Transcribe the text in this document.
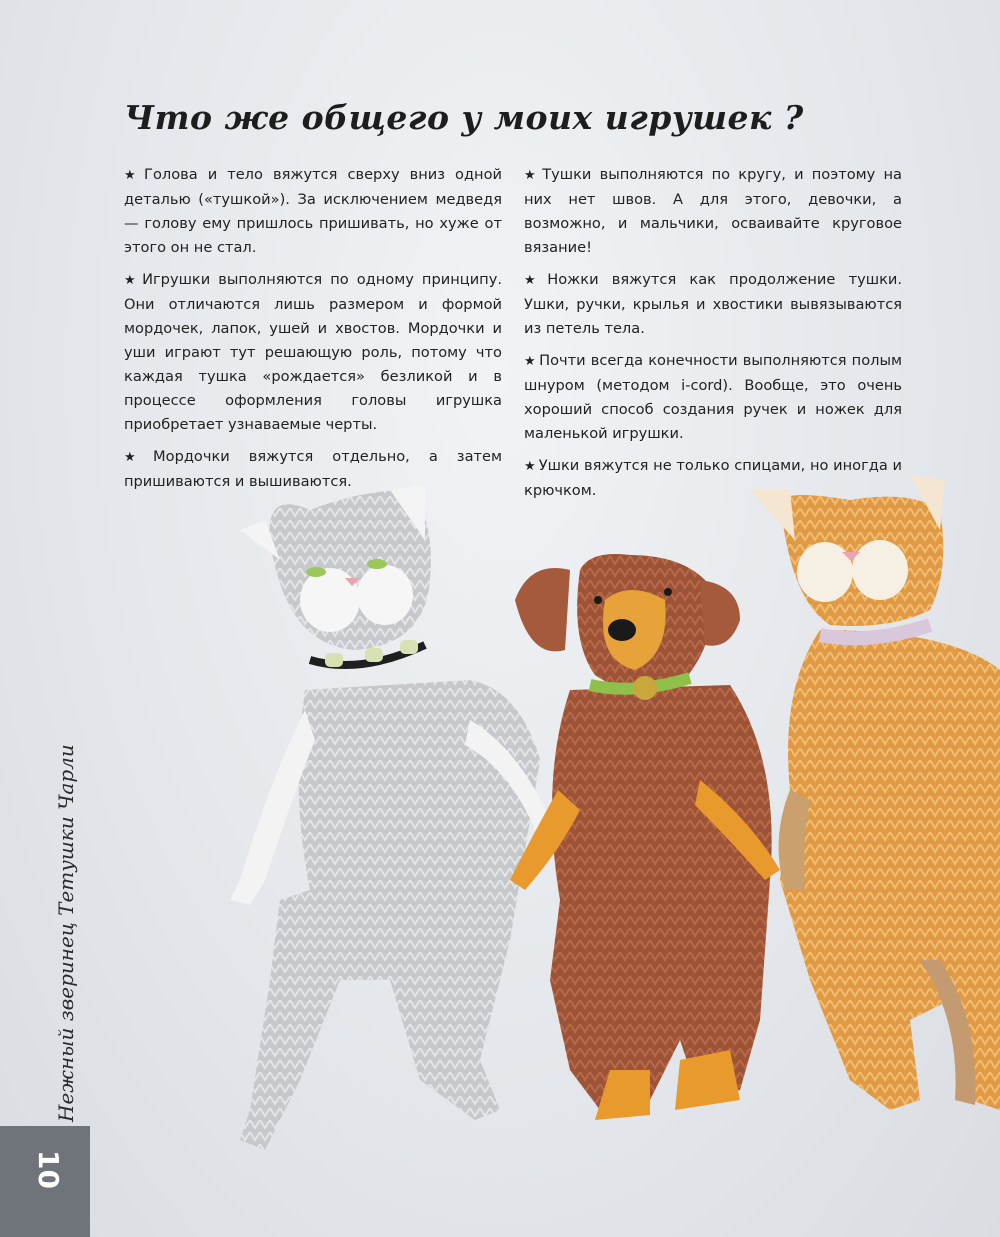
Что же общего у моих игрушек ?

★ Голова и тело вяжутся сверху вниз одной деталью («тушкой»). За исключением медведя — голову ему пришлось пришивать, но хуже от этого он не стал.

★ Игрушки выполняются по одному принципу. Они отличаются лишь размером и формой мордочек, лапок, ушей и хвостов. Мордочки и уши играют тут решающую роль, потому что каждая тушка «рождается» безликой и в процессе оформления головы игрушка приобретает узнаваемые черты.

★ Мордочки вяжутся отдельно, а затем пришиваются и вышиваются.

★ Тушки выполняются по кругу, и поэтому на них нет швов. А для этого, девочки, а возможно, и мальчики, осваивайте круговое вязание!

★ Ножки вяжутся как продолжение тушки. Ушки, ручки, крылья и хвостики вывязываются из петель тела.

★ Почти всегда конечности выполняются полым шнуром (методом i-cord). Вообще, это очень хороший способ создания ручек и ножек для маленькой игрушки.

★ Ушки вяжутся не только спицами, но иногда и крючком.

10
Нежный зверинец Тетушки Чарли
